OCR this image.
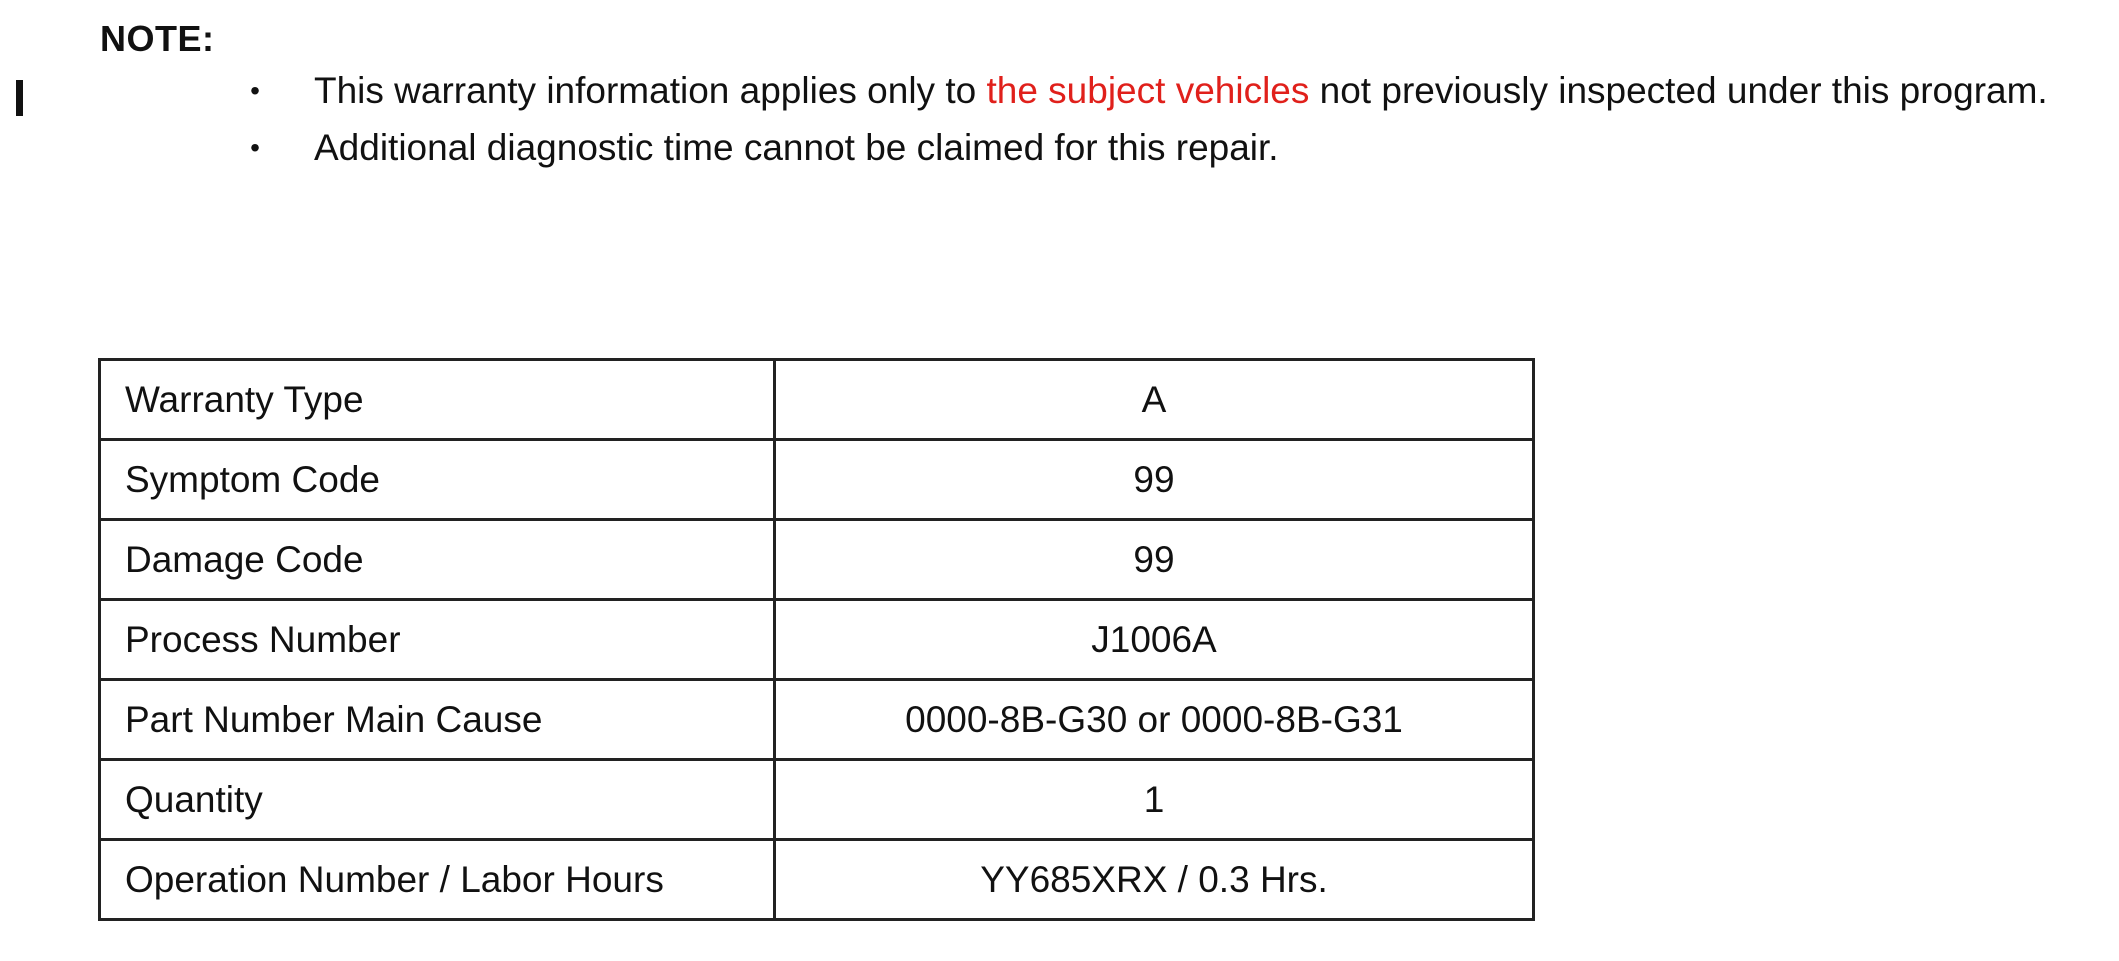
NOTE:
• This warranty information applies only to the subject vehicles not previously inspected under this program.
• Additional diagnostic time cannot be claimed for this repair.
Warranty Type	A
Symptom Code	99
Damage Code	99
Process Number	J1006A
Part Number Main Cause	0000-8B-G30 or 0000-8B-G31
Quantity	1
Operation Number / Labor Hours	YY685XRX / 0.3 Hrs.
